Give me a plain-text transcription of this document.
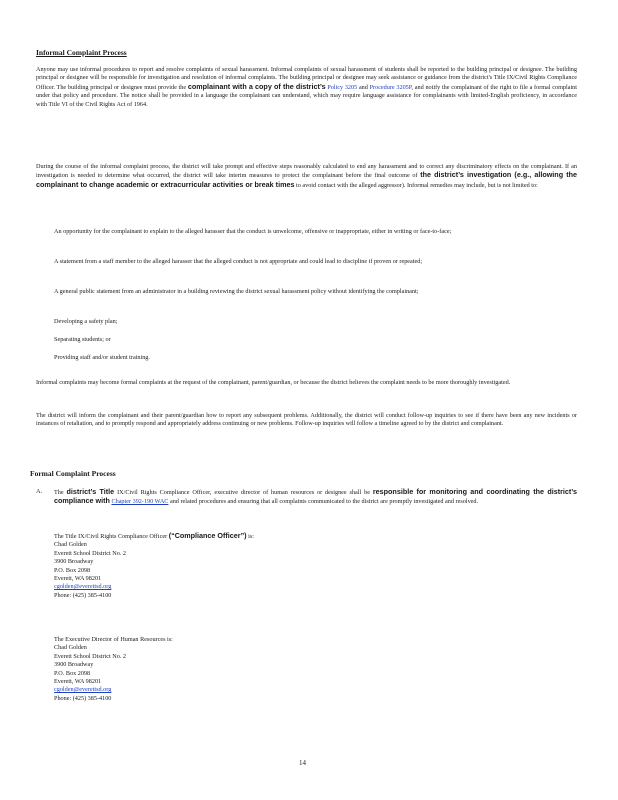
Informal Complaint Process
Anyone may use informal procedures to report and resolve complaints of sexual harassment. Informal complaints of sexual harassment of students shall be reported to the building principal or designee. The building principal or designee will be responsible for investigation and resolution of informal complaints. The building principal or designee may seek assistance or guidance from the district's Title IX/Civil Rights Compliance Officer. The building principal or designee must provide the complainant with a copy of the district’s Policy 3205 and Procedure 3205P, and notify the complainant of the right to file a formal complaint under that policy and procedure. The notice shall be provided in a language the complainant can understand, which may require language assistance for complainants with limited-English proficiency, in accordance with Title VI of the Civil Rights Act of 1964.
During the course of the informal complaint process, the district will take prompt and effective steps reasonably calculated to end any harassment and to correct any discriminatory effects on the complainant. If an investigation is needed to determine what occurred, the district will take interim measures to protect the complainant before the final outcome of the district’s investigation (e.g., allowing the complainant to change academic or extracurricular activities or break times to avoid contact with the alleged aggressor). Informal remedies may include, but is not limited to:
An opportunity for the complainant to explain to the alleged harasser that the conduct is unwelcome, offensive or inappropriate, either in writing or face-to-face;
A statement from a staff member to the alleged harasser that the alleged conduct is not appropriate and could lead to discipline if proven or repeated;
A general public statement from an administrator in a building reviewing the district sexual harassment policy without identifying the complainant;
Developing a safety plan;
Separating students; or
Providing staff and/or student training.
Informal complaints may become formal complaints at the request of the complainant, parent/guardian, or because the district believes the complaint needs to be more thoroughly investigated.
The district will inform the complainant and their parent/guardian how to report any subsequent problems. Additionally, the district will conduct follow-up inquiries to see if there have been any new incidents or instances of retaliation, and to promptly respond and appropriately address continuing or new problems. Follow-up inquiries will follow a timeline agreed to by the district and complainant.
Formal Complaint Process
A.	The district’s Title IX/Civil Rights Compliance Officer, executive director of human resources or designee shall be responsible for monitoring and coordinating the district’s compliance with Chapter 392-190 WAC and related procedures and ensuring that all complaints communicated to the district are promptly investigated and resolved.
The Title IX/Civil Rights Compliance Officer (“Compliance Officer”) is:
Chad Golden
Everett School District No. 2
3900 Broadway
P.O. Box 2098
Everett, WA 98201
cgolden@everettsd.org
Phone: (425) 385-4100
The Executive Director of Human Resources is:
Chad Golden
Everett School District No. 2
3900 Broadway
P.O. Box 2098
Everett, WA 98201
cgolden@everettsd.org
Phone: (425) 385-4100
14
